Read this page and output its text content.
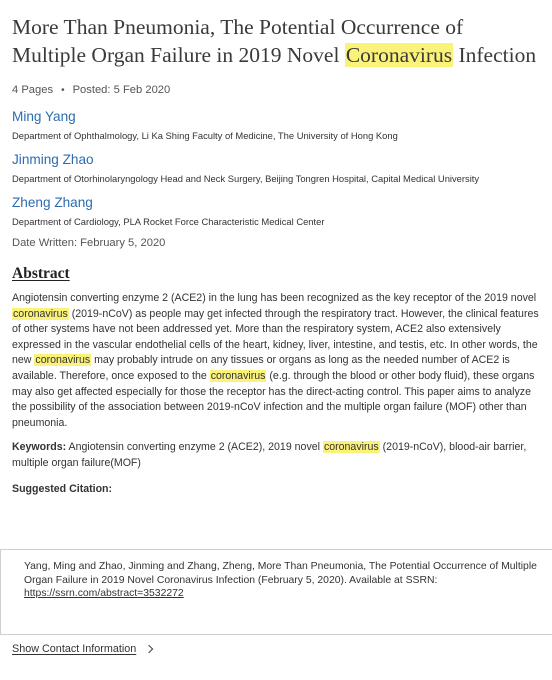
More Than Pneumonia, The Potential Occurrence of Multiple Organ Failure in 2019 Novel Coronavirus Infection
4 Pages • Posted: 5 Feb 2020
Ming Yang
Department of Ophthalmology, Li Ka Shing Faculty of Medicine, The University of Hong Kong
Jinming Zhao
Department of Otorhinolaryngology Head and Neck Surgery, Beijing Tongren Hospital, Capital Medical University
Zheng Zhang
Department of Cardiology, PLA Rocket Force Characteristic Medical Center
Date Written: February 5, 2020
Abstract

Angiotensin converting enzyme 2 (ACE2) in the lung has been recognized as the key receptor of the 2019 novel coronavirus (2019-nCoV) as people may get infected through the respiratory tract. However, the clinical features of other systems have not been addressed yet. More than the respiratory system, ACE2 also extensively expressed in the vascular endothelial cells of the heart, kidney, liver, intestine, and testis, etc. In other words, the new coronavirus may probably intrude on any tissues or organs as long as the needed number of ACE2 is available. Therefore, once exposed to the coronavirus (e.g. through the blood or other body fluid), these organs may also get affected especially for those the receptor has the direct-acting control. This paper aims to analyze the possibility of the association between 2019-nCoV infection and the multiple organ failure (MOF) other than pneumonia.

Keywords: Angiotensin converting enzyme 2 (ACE2), 2019 novel coronavirus (2019-nCoV), blood-air barrier, multiple organ failure(MOF)

Suggested Citation:
Yang, Ming and Zhao, Jinming and Zhang, Zheng, More Than Pneumonia, The Potential Occurrence of Multiple Organ Failure in 2019 Novel Coronavirus Infection (February 5, 2020). Available at SSRN: https://ssrn.com/abstract=3532272
Show Contact Information
